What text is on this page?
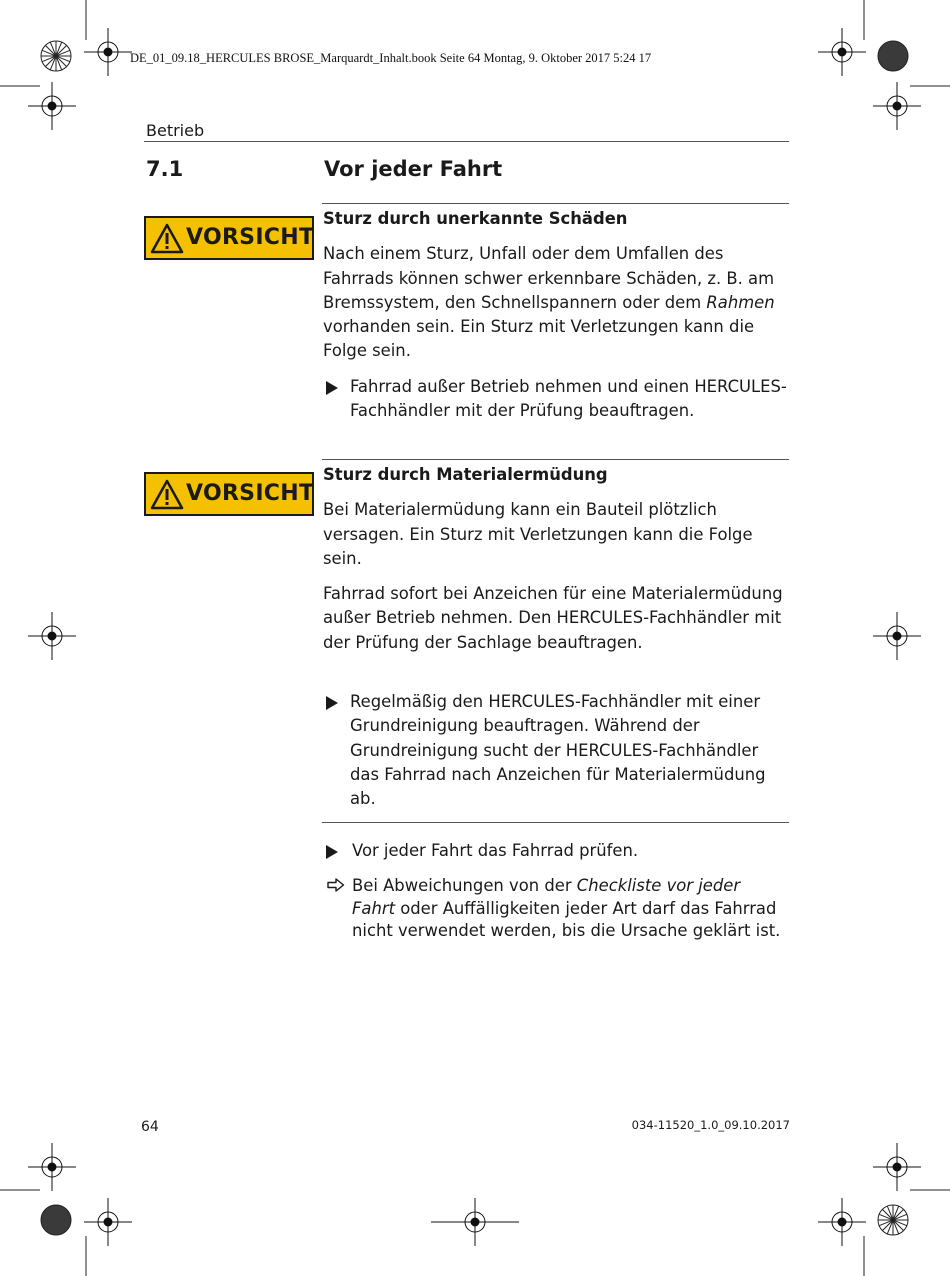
DE_01_09.18_HERCULES BROSE_Marquardt_Inhalt.book Seite 64 Montag, 9. Oktober 2017 5:24 17
Betrieb
7.1	Vor jeder Fahrt
VORSICHT
Sturz durch unerkannte Schäden
Nach einem Sturz, Unfall oder dem Umfallen des Fahrrads können schwer erkennbare Schäden, z. B. am Bremssystem, den Schnellspannern oder dem Rahmen vorhanden sein. Ein Sturz mit Verletzungen kann die Folge sein.
Fahrrad außer Betrieb nehmen und einen HERCULES-Fachhändler mit der Prüfung beauftragen.
VORSICHT
Sturz durch Materialermüdung
Bei Materialermüdung kann ein Bauteil plötzlich versagen. Ein Sturz mit Verletzungen kann die Folge sein.
Fahrrad sofort bei Anzeichen für eine Materialermüdung außer Betrieb nehmen. Den HERCULES-Fachhändler mit der Prüfung der Sachlage beauftragen.
Regelmäßig den HERCULES-Fachhändler mit einer Grundreinigung beauftragen. Während der Grundreinigung sucht der HERCULES-Fachhändler das Fahrrad nach Anzeichen für Materialermüdung ab.
Vor jeder Fahrt das Fahrrad prüfen.
Bei Abweichungen von der Checkliste vor jeder Fahrt oder Auffälligkeiten jeder Art darf das Fahrrad nicht verwendet werden, bis die Ursache geklärt ist.
64	034-11520_1.0_09.10.2017
